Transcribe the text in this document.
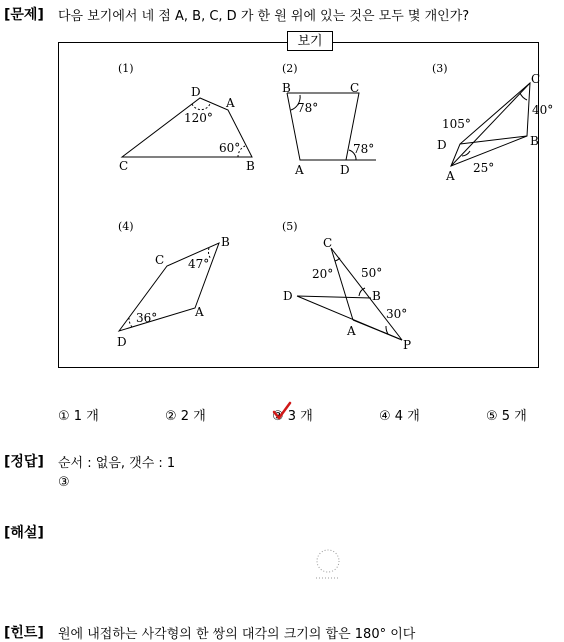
[문제] 다음 보기에서 네 점 A, B, C, D 가 한 원 위에 있는 것은 모두 몇 개인가?
보기
(1)
D
A
C	B
120°
60°
(2)
B	C
A	D
78°
78°
(3)
C
B
D
A
105°
40°
25°
(4)
C
B
A
D
47°
36°
(5)
C
D	B
A
P
20° 50°
30°
① 1 개	② 2 개	③ 3 개	④ 4 개	⑤ 5 개
[정답] 순서 : 없음, 갯수 : 1
③
[해설]
[힌트] 원에 내접하는 사각형의 한 쌍의 대각의 크기의 합은 180° 이다
